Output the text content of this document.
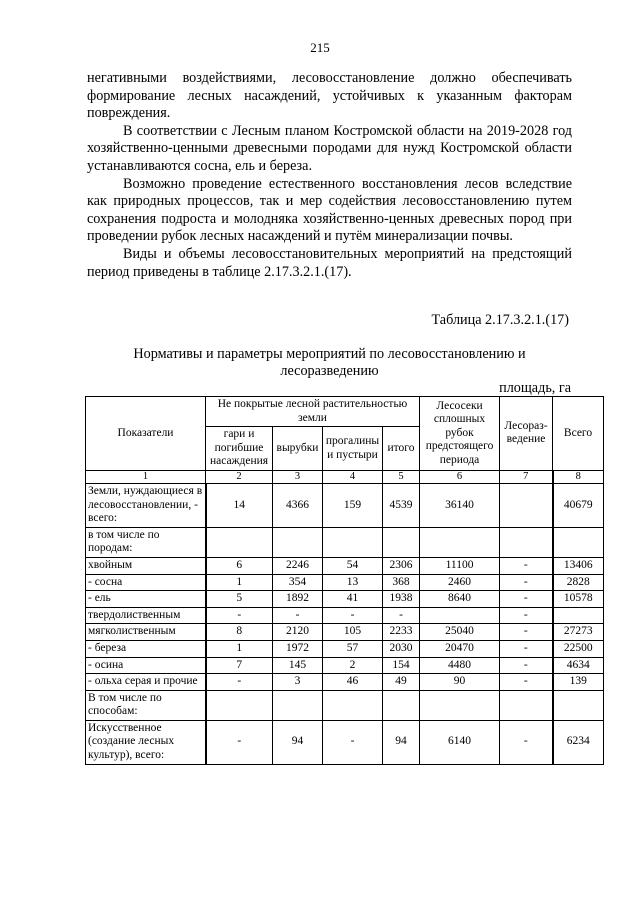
215

негативными воздействиями, лесовосстановление должно обеспечивать формирование лесных насаждений, устойчивых к указанным факторам повреждения.

В соответствии с Лесным планом Костромской области на 2019-2028 год хозяйственно-ценными древесными породами для нужд Костромской области устанавливаются сосна, ель и береза.

Возможно проведение естественного восстановления лесов вследствие как природных процессов, так и мер содействия лесовосстановлению путем сохранения подроста и молодняка хозяйственно-ценных древесных пород при проведении рубок лесных насаждений и путём минерализации почвы.

Виды и объемы лесовосстановительных мероприятий на предстоящий период приведены в таблице 2.17.3.2.1.(17).

Таблица 2.17.3.2.1.(17)
Нормативы и параметры мероприятий по лесовосстановлению и лесоразведению
площадь, га
Показатели	Не покрытые лесной растительностью земли				Лесосеки сплошных рубок предстоящего периода	Лесораз-ведение	Всего
	гари и погибшие насаждения	вырубки	прогалины и пустыри	итого			
1	2	3	4	5	6	7	8
Земли, нуждающиеся в лесовосстановлении, - всего:	14	4366	159	4539	36140		40679
в том числе по породам:							
хвойным	6	2246	54	2306	11100	-	13406
- сосна	1	354	13	368	2460	-	2828
- ель	5	1892	41	1938	8640	-	10578
твердолиственным	-	-	-	-		-	
мягколиственным	8	2120	105	2233	25040	-	27273
- береза	1	1972	57	2030	20470	-	22500
- осина	7	145	2	154	4480	-	4634
- ольха серая и прочие	-	3	46	49	90	-	139
В том числе по способам:							
Искусственное (создание лесных культур), всего:	-	94	-	94	6140	-	6234
